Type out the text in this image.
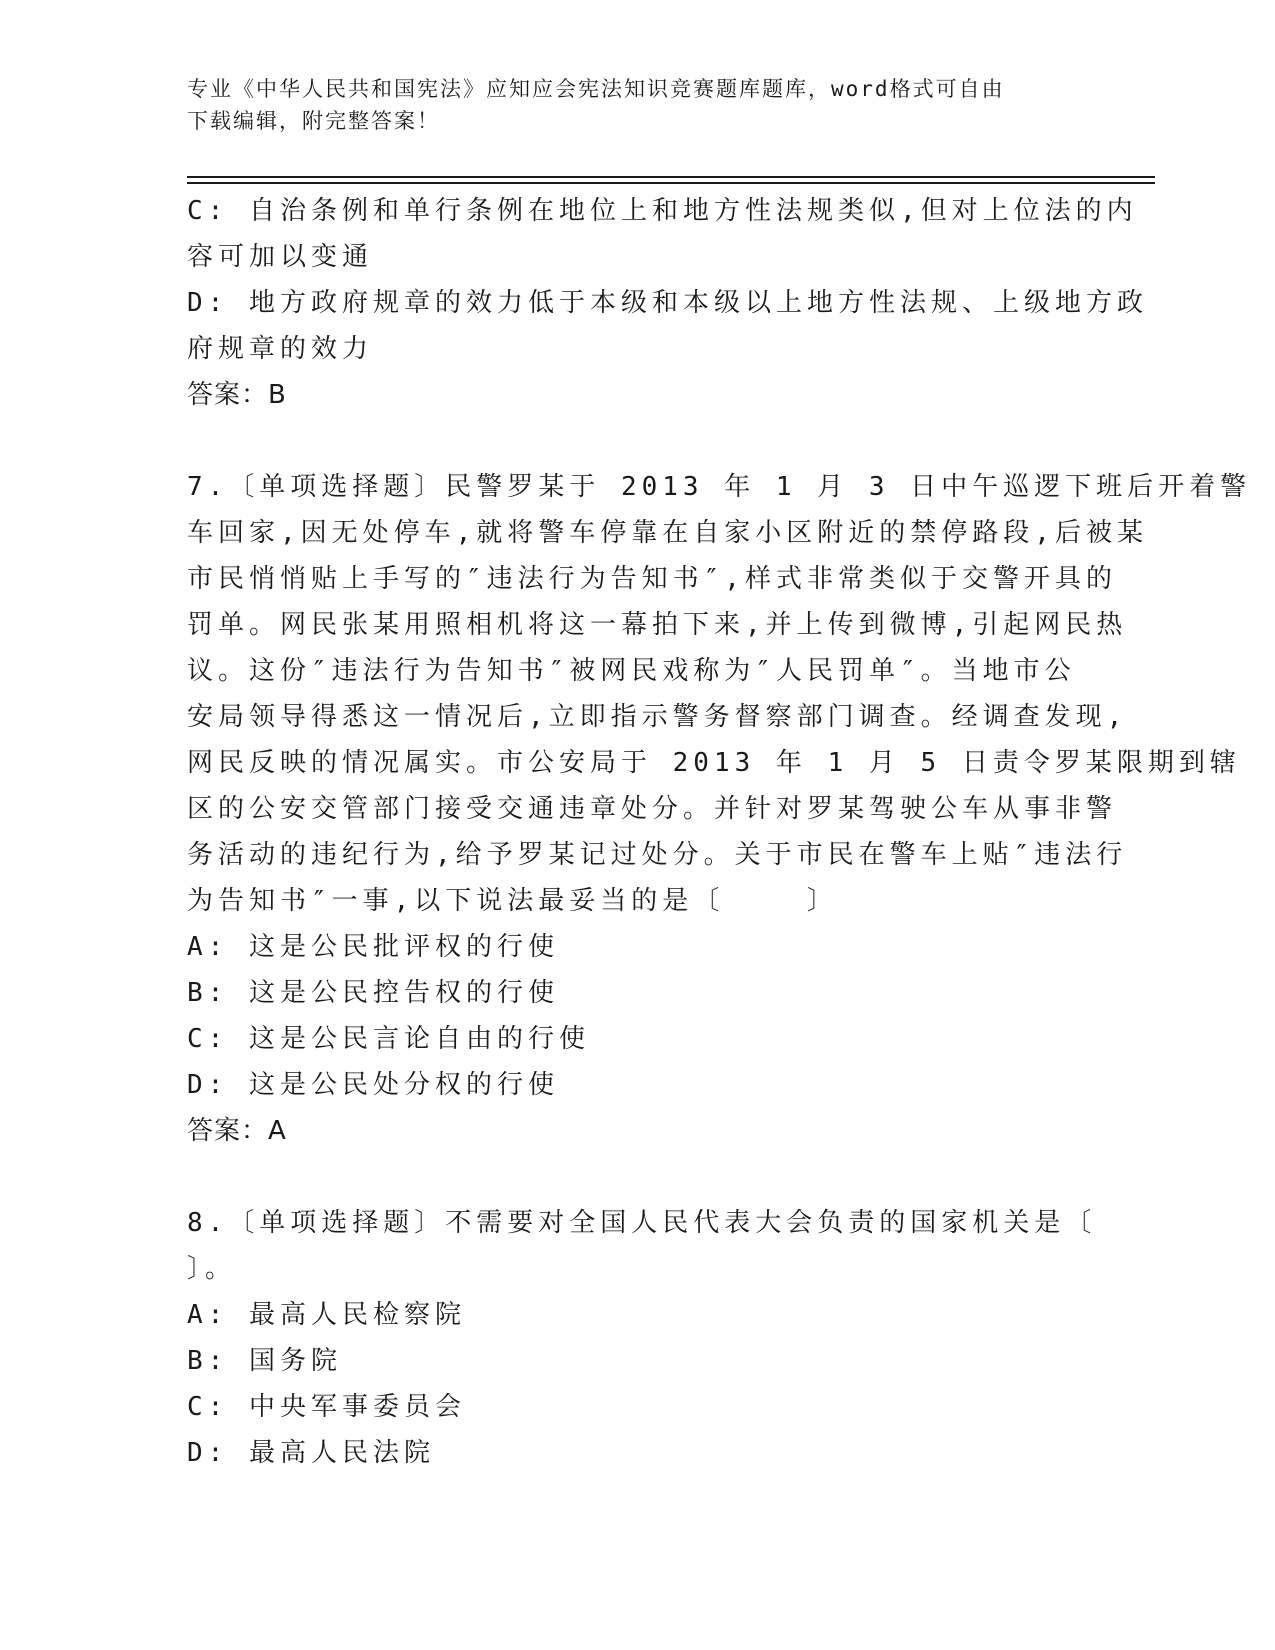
专业《中华人民共和国宪法》应知应会宪法知识竞赛题库题库，word格式可自由
下载编辑，附完整答案！
C: 自治条例和单行条例在地位上和地方性法规类似,但对上位法的内
容可加以变通
D: 地方政府规章的效力低于本级和本级以上地方性法规、上级地方政
府规章的效力
答案：B
7.〔单项选择题〕民警罗某于 2013 年 1 月 3 日中午巡逻下班后开着警
车回家,因无处停车,就将警车停靠在自家小区附近的禁停路段,后被某
市民悄悄贴上手写的″违法行为告知书″,样式非常类似于交警开具的
罚单。网民张某用照相机将这一幕拍下来,并上传到微博,引起网民热
议。这份″违法行为告知书″被网民戏称为″人民罚单″。当地市公
安局领导得悉这一情况后,立即指示警务督察部门调查。经调查发现,
网民反映的情况属实。市公安局于 2013 年 1 月 5 日责令罗某限期到辖
区的公安交管部门接受交通违章处分。并针对罗某驾驶公车从事非警
务活动的违纪行为,给予罗某记过处分。关于市民在警车上贴″违法行
为告知书″一事,以下说法最妥当的是〔    〕
A: 这是公民批评权的行使
B: 这是公民控告权的行使
C: 这是公民言论自由的行使
D: 这是公民处分权的行使
答案：A
8.〔单项选择题〕不需要对全国人民代表大会负责的国家机关是〔
〕。
A: 最高人民检察院
B: 国务院
C: 中央军事委员会
D: 最高人民法院
